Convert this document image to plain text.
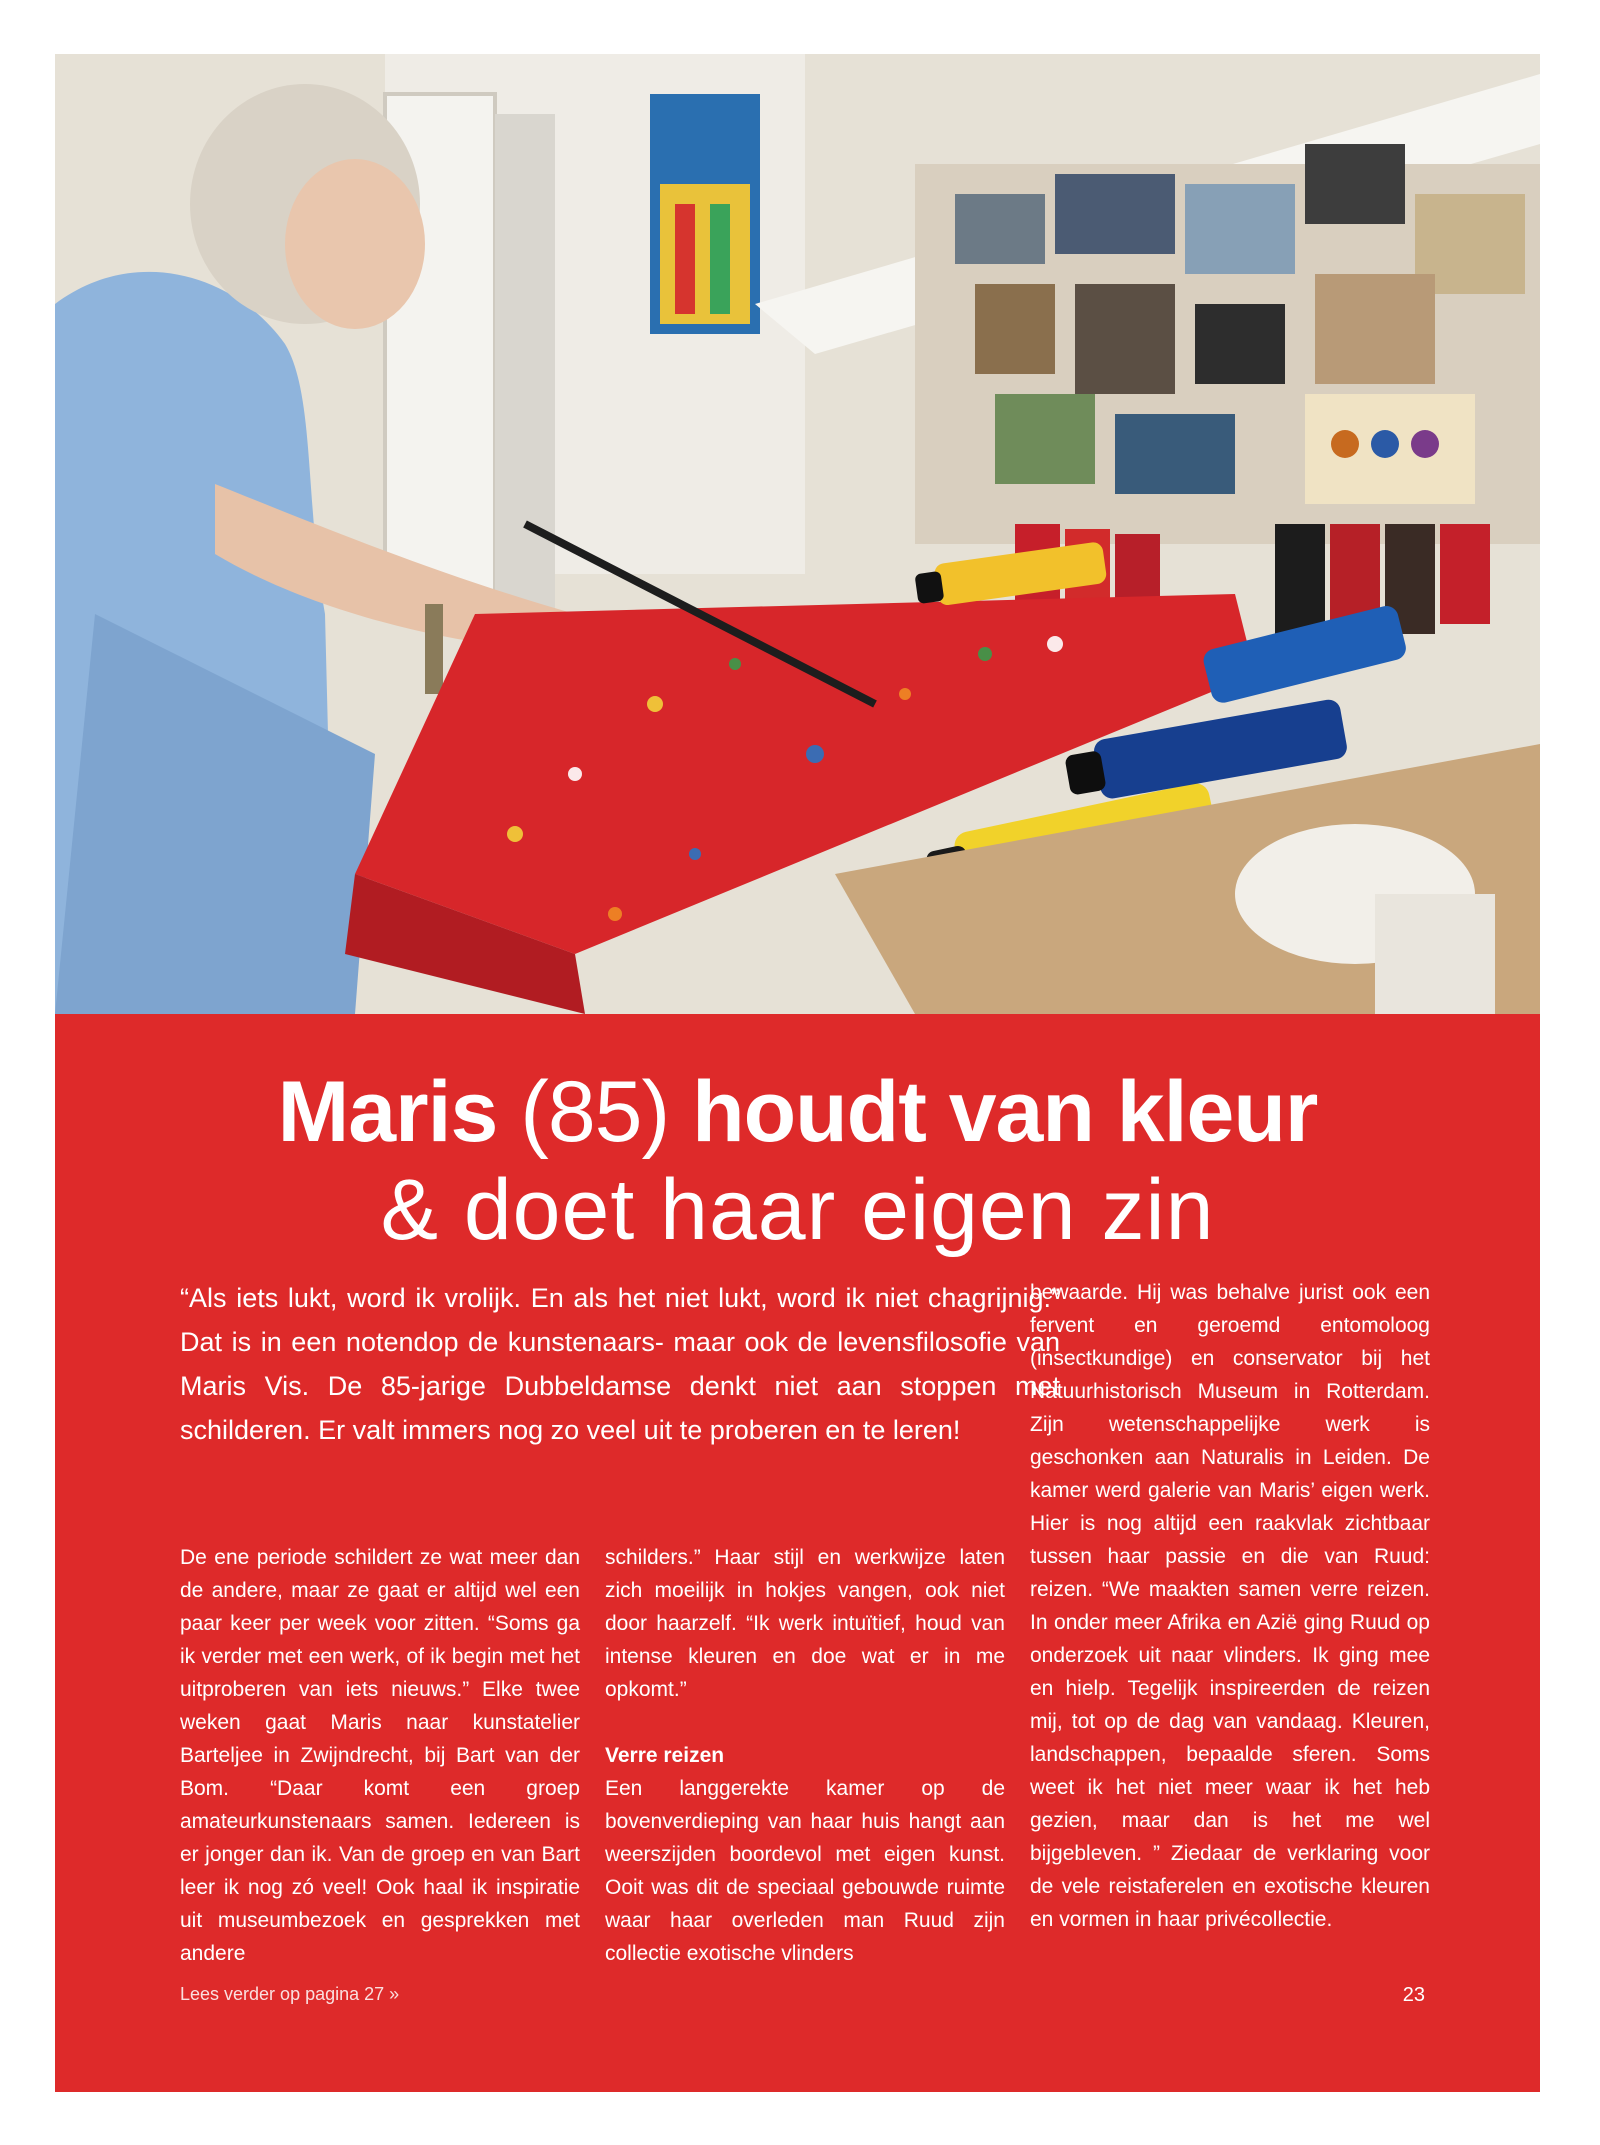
Maris (85) houdt van kleur
& doet haar eigen zin
“Als iets lukt, word ik vrolijk. En als het niet lukt, word ik niet chagrijnig.” Dat is in een notendop de kunstenaars- maar ook de levensfilosofie van Maris Vis. De 85-jarige Dubbeldamse denkt niet aan stoppen met schilderen. Er valt immers nog zo veel uit te proberen en te leren!

De ene periode schildert ze wat meer dan de andere, maar ze gaat er altijd wel een paar keer per week voor zitten. “Soms ga ik verder met een werk, of ik begin met het uitproberen van iets nieuws.” Elke twee weken gaat Maris naar kunstatelier Barteljee in Zwijndrecht, bij Bart van der Bom. “Daar komt een groep amateurkunstenaars samen. Iedereen is er jonger dan ik. Van de groep en van Bart leer ik nog zó veel! Ook haal ik inspiratie uit museumbezoek en gesprekken met andere

schilders.” Haar stijl en werkwijze laten zich moeilijk in hokjes vangen, ook niet door haarzelf. “Ik werk intuïtief, houd van intense kleuren en doe wat er in me opkomt.”

Verre reizen

Een langgerekte kamer op de bovenverdieping van haar huis hangt aan weerszijden boordevol met eigen kunst. Ooit was dit de speciaal gebouwde ruimte waar haar overleden man Ruud zijn collectie exotische vlinders

bewaarde. Hij was behalve jurist ook een fervent en geroemd entomoloog (insectkundige) en conservator bij het Natuurhistorisch Museum in Rotterdam. Zijn wetenschappelijke werk is geschonken aan Naturalis in Leiden. De kamer werd galerie van Maris’ eigen werk. Hier is nog altijd een raakvlak zichtbaar tussen haar passie en die van Ruud: reizen. “We maakten samen verre reizen. In onder meer Afrika en Azië ging Ruud op onderzoek uit naar vlinders. Ik ging mee en hielp. Tegelijk inspireerden de reizen mij, tot op de dag van vandaag. Kleuren, landschappen, bepaalde sferen. Soms weet ik het niet meer waar ik het heb gezien, maar dan is het me wel bijgebleven. ” Ziedaar de verklaring voor de vele reistaferelen en exotische kleuren en vormen in haar privécollectie.

Lees verder op pagina 27 »	23
